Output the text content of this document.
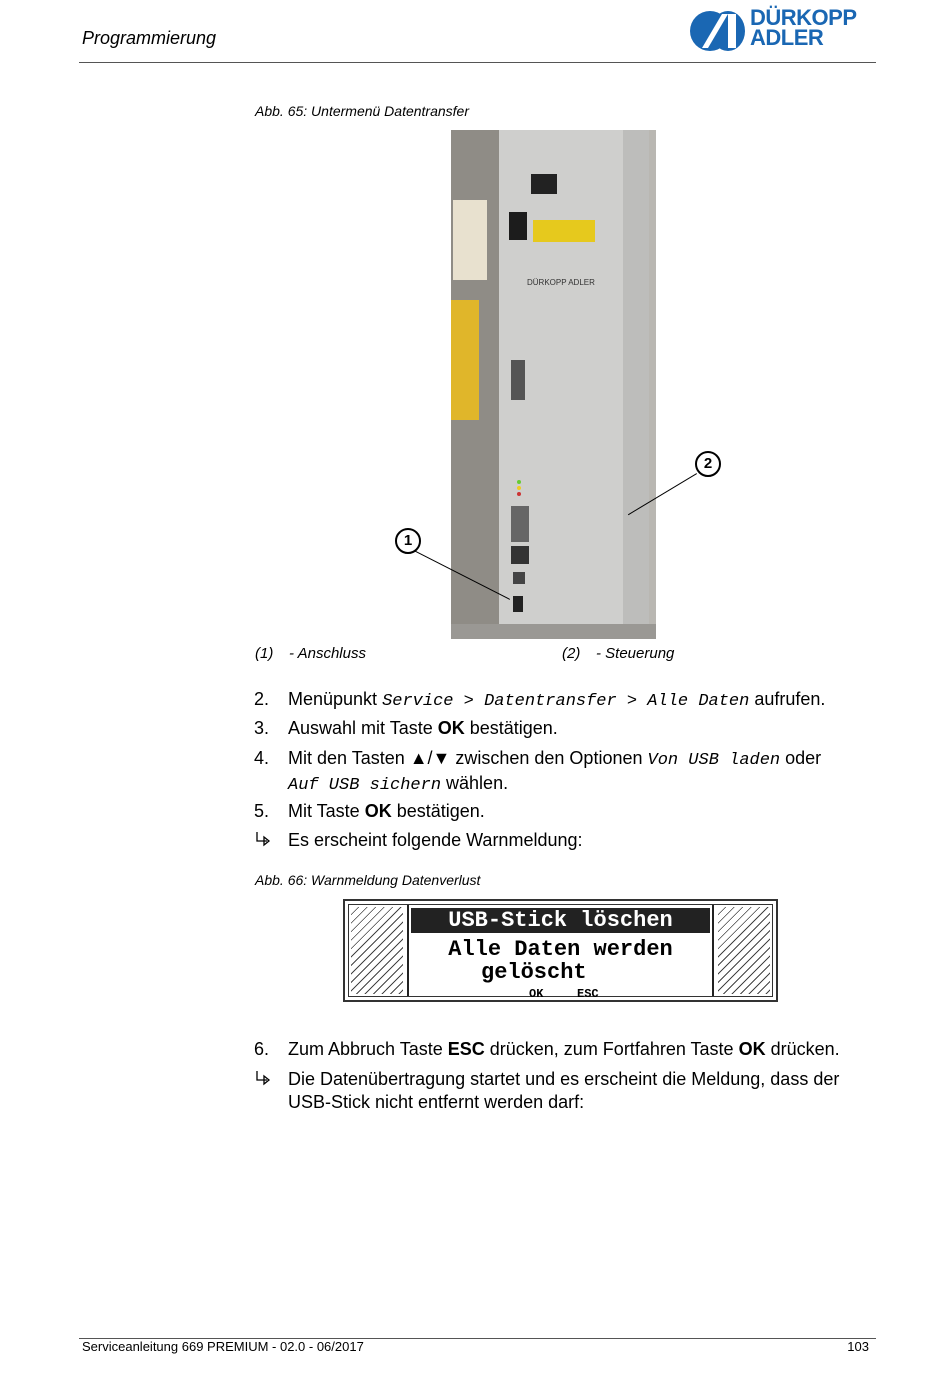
Programmierung
DÜRKOPP
ADLER
Abb. 65: Untermenü Datentransfer
DÜRKOPP ADLER
1
2
(1) - Anschluss	(2) - Steuerung
2. Menüpunkt Service > Datentransfer > Alle Daten aufrufen.
3. Auswahl mit Taste OK bestätigen.
4. Mit den Tasten ▲/▼ zwischen den Optionen Von USB laden oder
Auf USB sichern wählen.
5. Mit Taste OK bestätigen.
Es erscheint folgende Warnmeldung:
Abb. 66: Warnmeldung Datenverlust
USB-Stick löschen
Alle Daten werden
gelöscht
OK	ESC
6. Zum Abbruch Taste ESC drücken, zum Fortfahren Taste OK drücken.
Die Datenübertragung startet und es erscheint die Meldung, dass der
USB-Stick nicht entfernt werden darf:
Serviceanleitung 669 PREMIUM - 02.0 - 06/2017	103
